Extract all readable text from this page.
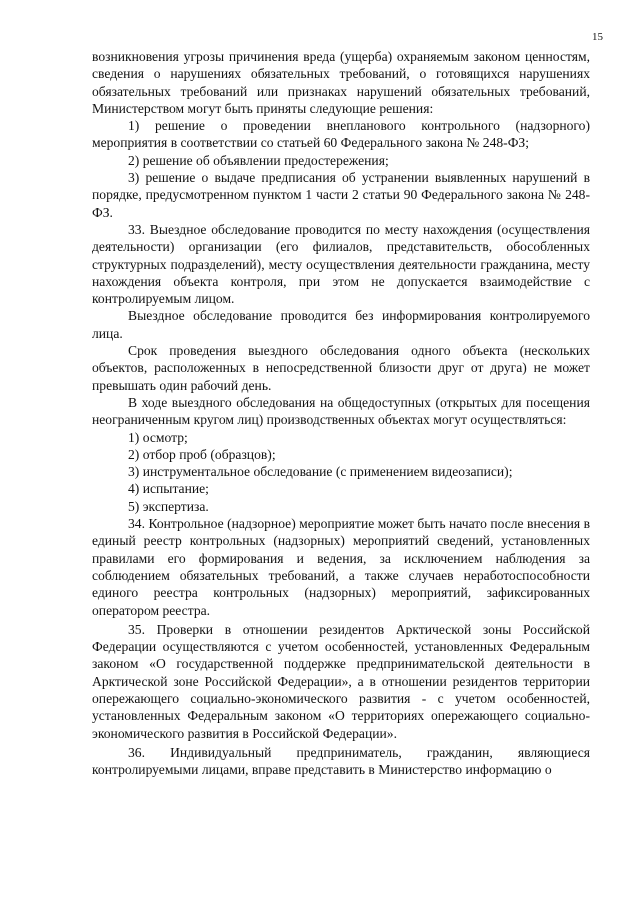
15

возникновения угрозы причинения вреда (ущерба) охраняемым законом ценностям, сведения о нарушениях обязательных требований, о готовящихся нарушениях обязательных требований или признаках нарушений обязательных требований, Министерством могут быть приняты следующие решения:

1) решение о проведении внепланового контрольного (надзорного) мероприятия в соответствии со статьей 60 Федерального закона № 248-ФЗ;

2) решение об объявлении предостережения;

3) решение о выдаче предписания об устранении выявленных нарушений в порядке, предусмотренном пунктом 1 части 2 статьи 90 Федерального закона № 248-ФЗ.

33. Выездное обследование проводится по месту нахождения (осуществления деятельности) организации (его филиалов, представительств, обособленных структурных подразделений), месту осуществления деятельности гражданина, месту нахождения объекта контроля, при этом не допускается взаимодействие с контролируемым лицом.

Выездное обследование проводится без информирования контролируемого лица.

Срок проведения выездного обследования одного объекта (нескольких объектов, расположенных в непосредственной близости друг от друга) не может превышать один рабочий день.

В ходе выездного обследования на общедоступных (открытых для посещения неограниченным кругом лиц) производственных объектах могут осуществляться:

1) осмотр;

2) отбор проб (образцов);

3) инструментальное обследование (с применением видеозаписи);

4) испытание;

5) экспертиза.

34. Контрольное (надзорное) мероприятие может быть начато после внесения в единый реестр контрольных (надзорных) мероприятий сведений, установленных правилами его формирования и ведения, за исключением наблюдения за соблюдением обязательных требований, а также случаев неработоспособности единого реестра контрольных (надзорных) мероприятий, зафиксированных оператором реестра.

35. Проверки в отношении резидентов Арктической зоны Российской Федерации осуществляются с учетом особенностей, установленных Федеральным законом «О государственной поддержке предпринимательской деятельности в Арктической зоне Российской Федерации», а в отношении резидентов территории опережающего социально-экономического развития - с учетом особенностей, установленных Федеральным законом «О территориях опережающего социально-экономического развития в Российской Федерации».

36. Индивидуальный предприниматель, гражданин, являющиеся контролируемыми лицами, вправе представить в Министерство информацию о
